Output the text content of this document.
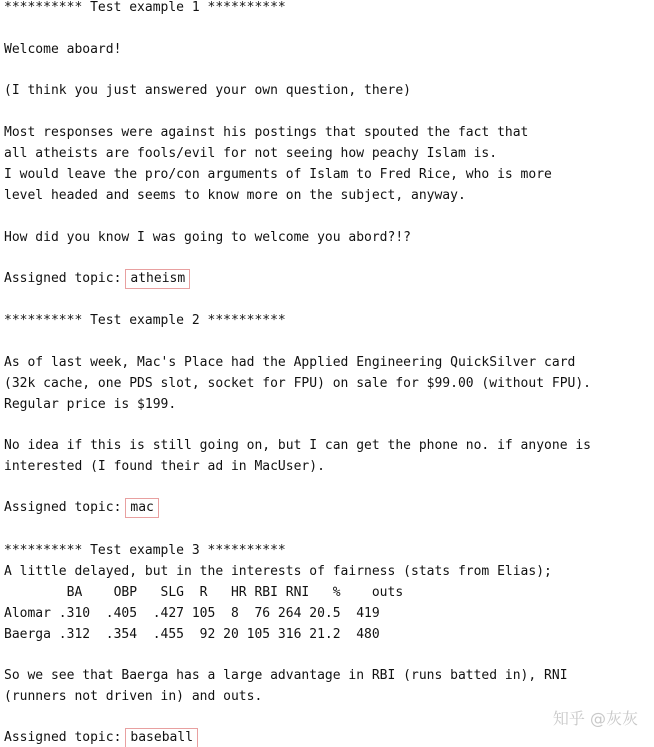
********** Test example 1 **********
Welcome aboard!
(I think you just answered your own question, there)
Most responses were against his postings that spouted the fact that
all atheists are fools/evil for not seeing how peachy Islam is.
I would leave the pro/con arguments of Islam to Fred Rice, who is more
level headed and seems to know more on the subject, anyway.
How did you know I was going to welcome you abord?!?
Assigned topic: atheism
********** Test example 2 **********
As of last week, Mac's Place had the Applied Engineering QuickSilver card
(32k cache, one PDS slot, socket for FPU) on sale for $99.00 (without FPU).
Regular price is $199.
No idea if this is still going on, but I can get the phone no. if anyone is
interested (I found their ad in MacUser).
Assigned topic: mac
********** Test example 3 **********
A little delayed, but in the interests of fairness (stats from Elias);
BA    OBP   SLG  R   HR RBI RNI   %    outs
Alomar .310  .405  .427 105  8  76 264 20.5  419
Baerga .312  .354  .455  92 20 105 316 21.2  480
So we see that Baerga has a large advantage in RBI (runs batted in), RNI
(runners not driven in) and outs.
Assigned topic: baseball
知乎 @灰灰
